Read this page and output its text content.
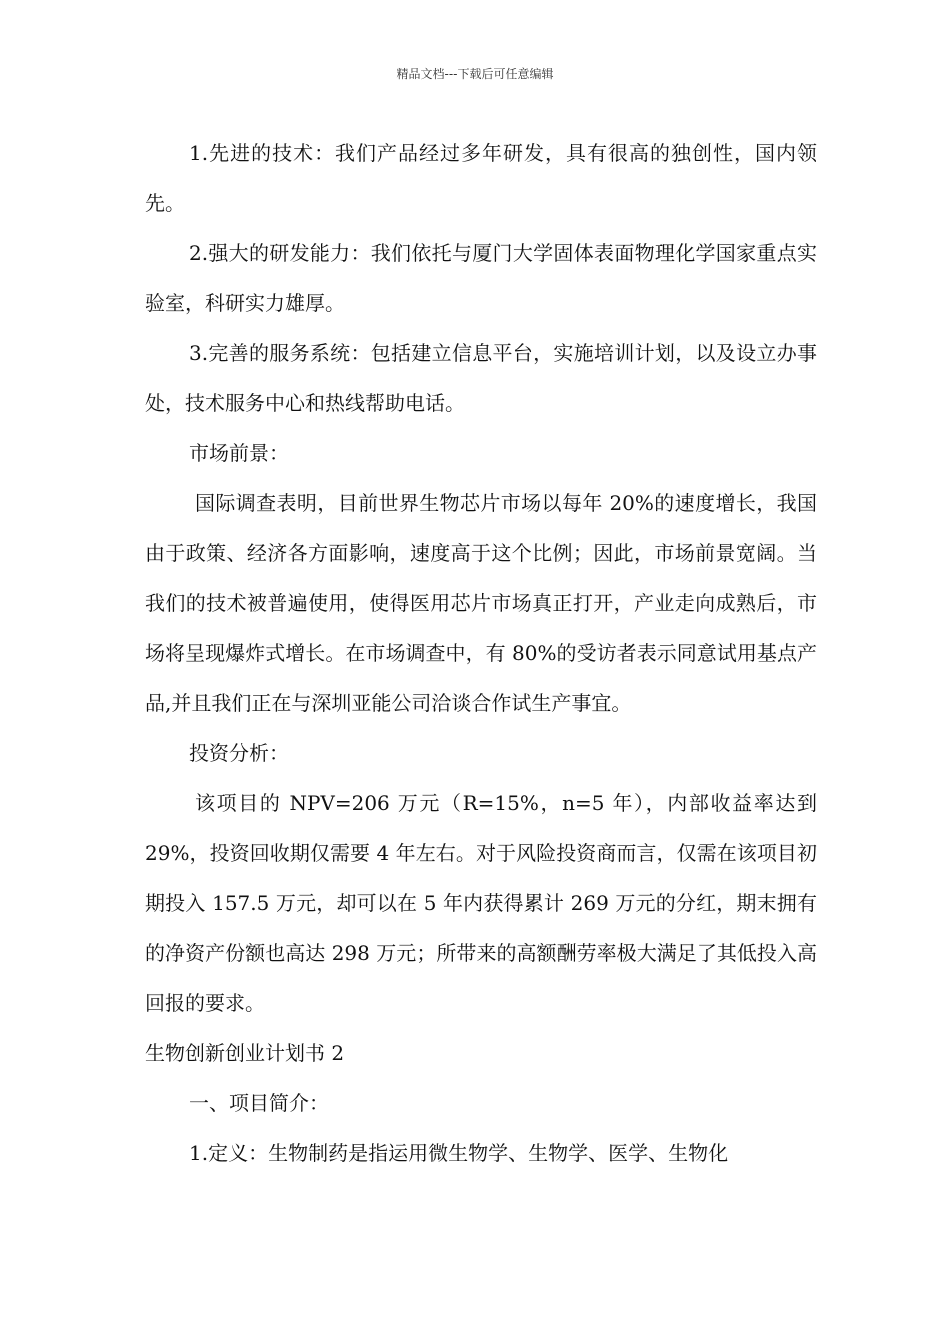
精品文档---下载后可任意编辑

1.先进的技术：我们产品经过多年研发，具有很高的独创性，国内领先。

2.强大的研发能力：我们依托与厦门大学固体表面物理化学国家重点实验室，科研实力雄厚。

3.完善的服务系统：包括建立信息平台，实施培训计划，以及设立办事处，技术服务中心和热线帮助电话。

市场前景：

国际调查表明，目前世界生物芯片市场以每年 20%的速度增长，我国由于政策、经济各方面影响，速度高于这个比例；因此，市场前景宽阔。当我们的技术被普遍使用，使得医用芯片市场真正打开，产业走向成熟后，市场将呈现爆炸式增长。在市场调查中，有 80%的受访者表示同意试用基点产品,并且我们正在与深圳亚能公司洽谈合作试生产事宜。

投资分析：

该项目的 NPV=206 万元（R=15%，n=5 年），内部收益率达到 29%，投资回收期仅需要 4 年左右。对于风险投资商而言，仅需在该项目初期投入 157.5 万元，却可以在 5 年内获得累计 269 万元的分红，期末拥有的净资产份额也高达 298 万元；所带来的高额酬劳率极大满足了其低投入高回报的要求。

生物创新创业计划书 2

一、项目简介：

1.定义：生物制药是指运用微生物学、生物学、医学、生物化
